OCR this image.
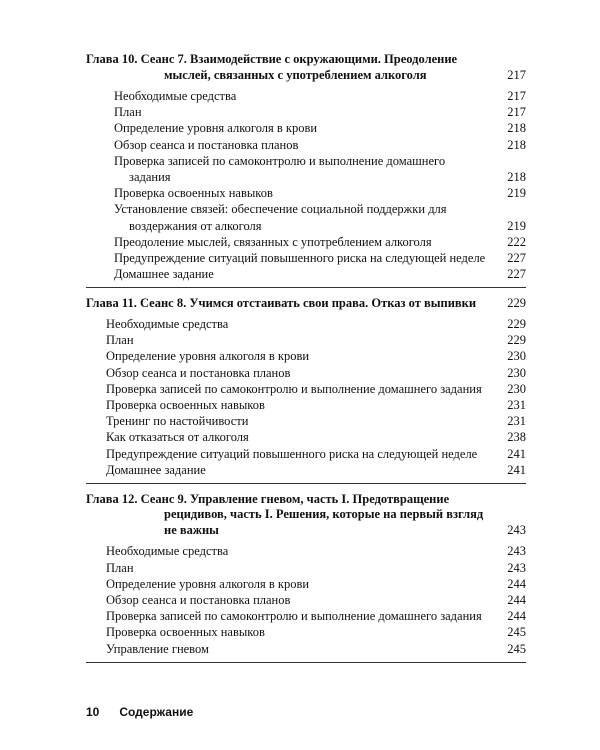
Глава 10. Сеанс 7. Взаимодействие с окружающими. Преодоление мыслей, связанных с употреблением алкоголя	217
Необходимые средства	217
План	217
Определение уровня алкоголя в крови	218
Обзор сеанса и постановка планов	218
Проверка записей по самоконтролю и выполнение домашнего задания	218
Проверка освоенных навыков	219
Установление связей: обеспечение социальной поддержки для воздержания от алкоголя	219
Преодоление мыслей, связанных с употреблением алкоголя	222
Предупреждение ситуаций повышенного риска на следующей неделе	227
Домашнее задание	227
Глава 11. Сеанс 8. Учимся отстаивать свои права. Отказ от выпивки	229
Необходимые средства	229
План	229
Определение уровня алкоголя в крови	230
Обзор сеанса и постановка планов	230
Проверка записей по самоконтролю и выполнение домашнего задания	230
Проверка освоенных навыков	231
Тренинг по настойчивости	231
Как отказаться от алкоголя	238
Предупреждение ситуаций повышенного риска на следующей неделе	241
Домашнее задание	241
Глава 12. Сеанс 9. Управление гневом, часть I. Предотвращение рецидивов, часть I. Решения, которые на первый взгляд не важны	243
Необходимые средства	243
План	243
Определение уровня алкоголя в крови	244
Обзор сеанса и постановка планов	244
Проверка записей по самоконтролю и выполнение домашнего задания	244
Проверка освоенных навыков	245
Управление гневом	245
10 Содержание
